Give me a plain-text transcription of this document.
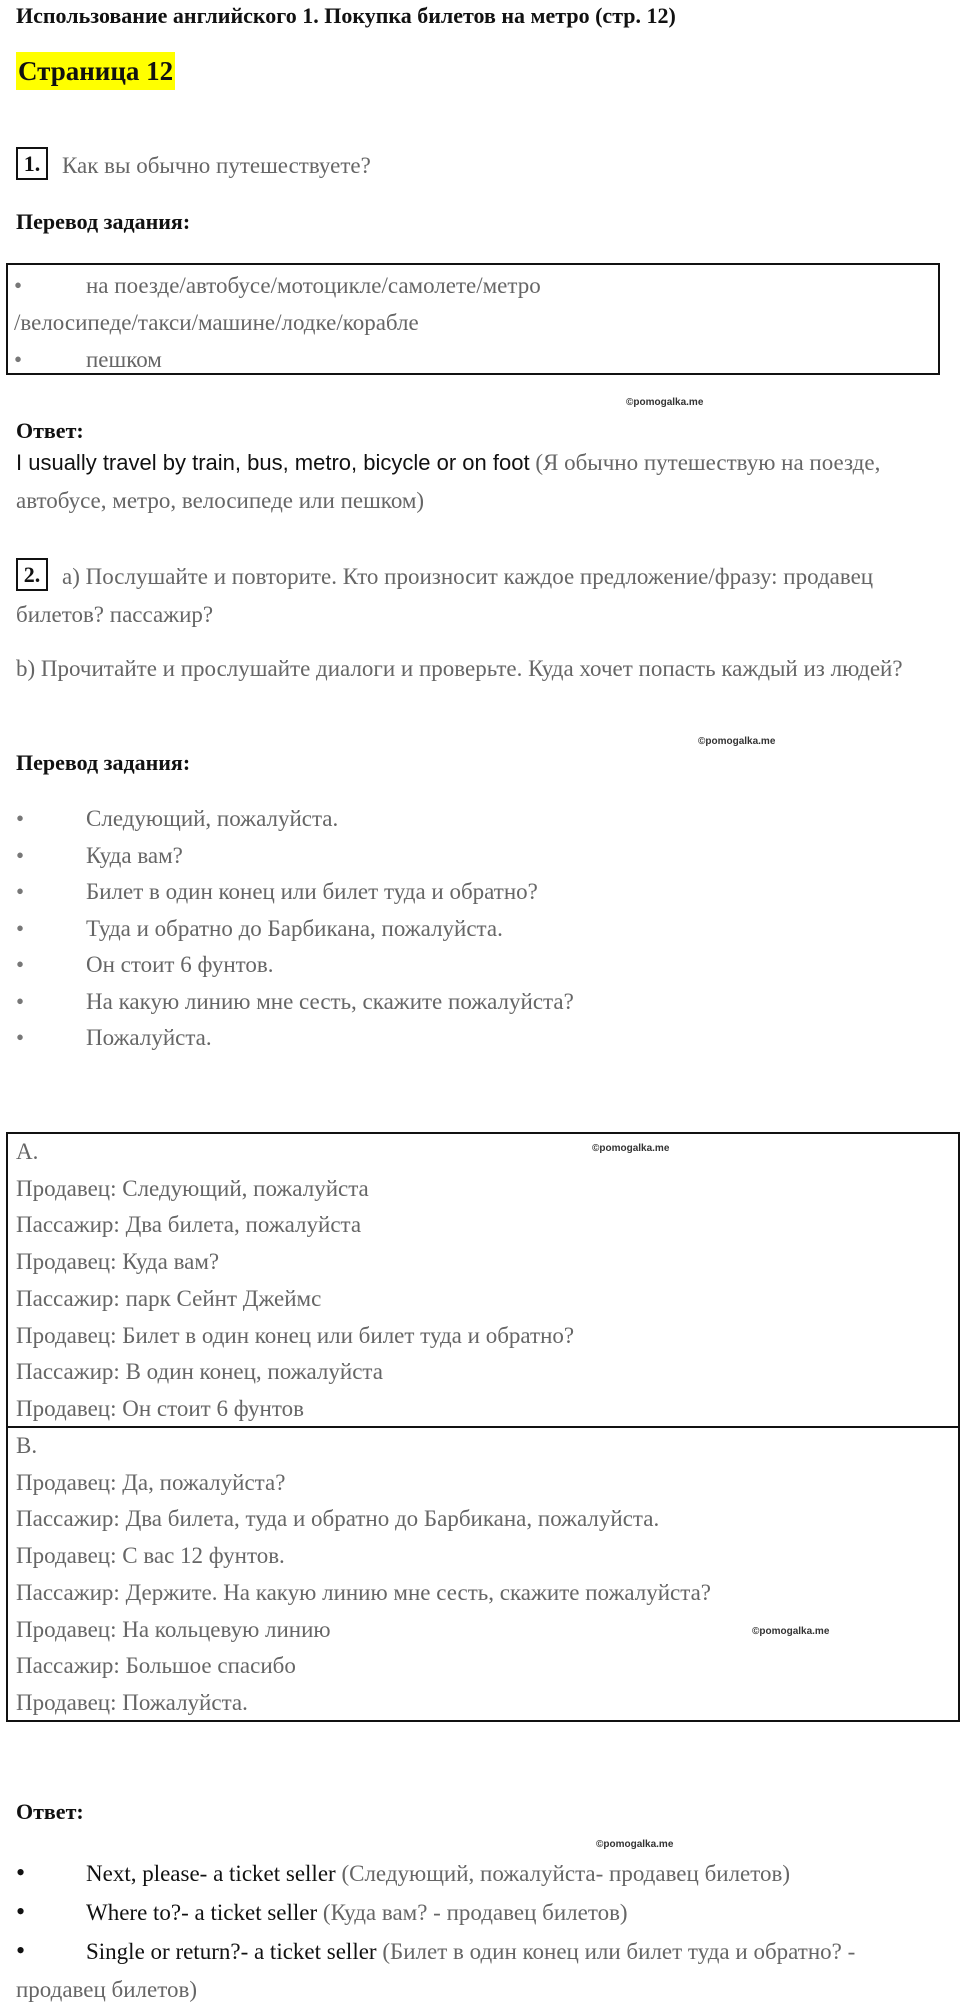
Использование английского 1. Покупка билетов на метро (стр. 12)
Страница 12
1. Как вы обычно путешествуете?
Перевод задания:
•на поезде/автобусе/мотоцикле/самолете/метро
/велосипеде/такси/машине/лодке/корабле
•пешком
©pomogalka.me
Ответ:
I usually travel by train, bus, metro, bicycle or on foot (Я обычно путешествую на поезде, автобусе, метро, велосипеде или пешком)
2. a) Послушайте и повторите. Кто произносит каждое предложение/фразу: продавец билетов? пассажир?
b) Прочитайте и прослушайте диалоги и проверьте. Куда хочет попасть каждый из людей?
©pomogalka.me
Перевод задания:
• Следующий, пожалуйста.
• Куда вам?
• Билет в один конец или билет туда и обратно?
• Туда и обратно до Барбикана, пожалуйста.
• Он стоит 6 фунтов.
• На какую линию мне сесть, скажите пожалуйста?
• Пожалуйста.
A.
Продавец: Следующий, пожалуйста
Пассажир: Два билета, пожалуйста
Продавец: Куда вам?
Пассажир: парк Сейнт Джеймс
Продавец: Билет в один конец или билет туда и обратно?
Пассажир: В один конец, пожалуйста
Продавец: Он стоит 6 фунтов
©pomogalka.me
B.
Продавец: Да, пожалуйста?
Пассажир: Два билета, туда и обратно до Барбикана, пожалуйста.
Продавец: С вас 12 фунтов.
Пассажир: Держите. На какую линию мне сесть, скажите пожалуйста?
Продавец: На кольцевую линию
Пассажир: Большое спасибо
Продавец: Пожалуйста.
©pomogalka.me
Ответ:
©pomogalka.me
•	Next, please- a ticket seller (Следующий, пожалуйста- продавец билетов)
•	Where to?- a ticket seller (Куда вам? - продавец билетов)
•	Single or return?- a ticket seller (Билет в один конец или билет туда и обратно? - продавец билетов)
